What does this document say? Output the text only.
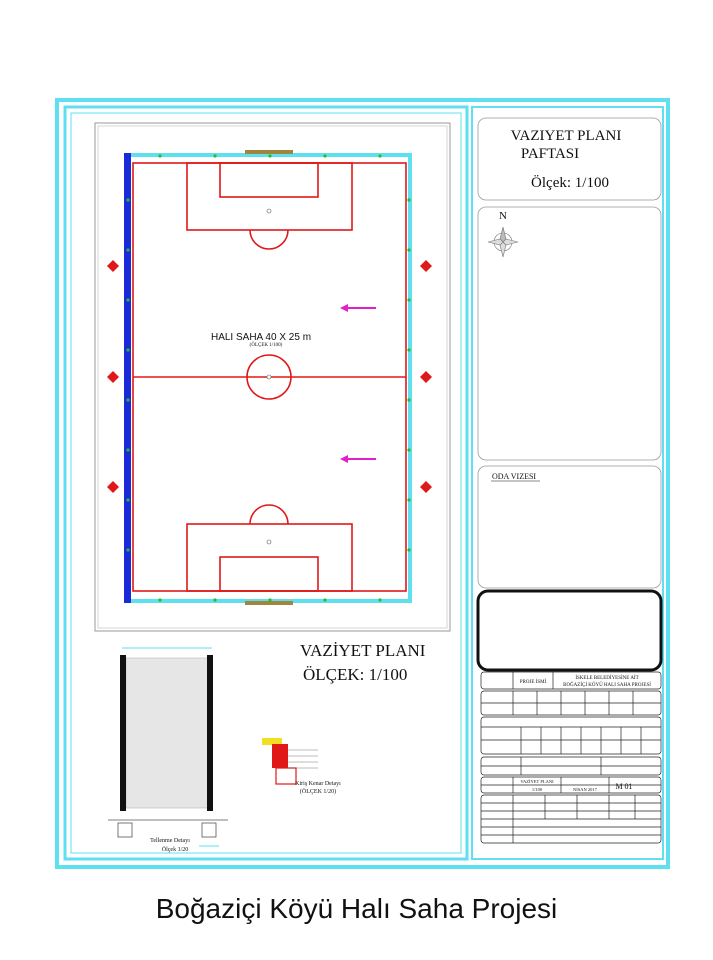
VAZIYET PLANI
PAFTASI
Ölçek: 1/100
N
ODA VIZESI
PROJE İSMİ
İSKELE BELEDİYESİNE AİT
BOĞAZİÇİ KÖYÜ HALI SAHA PROJESİ
VAZİYET PLANI
1/100	NİSAN 2017 M 01
HALI SAHA 40 X 25 m
(ÖLÇEK 1/100)
VAZİYET PLANI
ÖLÇEK: 1/100
Tellenme Detayı
Ölçek 1/20
Kiriş Kenar Detayı
(ÖLÇEK 1/20)
Boğaziçi Köyü Halı Saha Projesi
